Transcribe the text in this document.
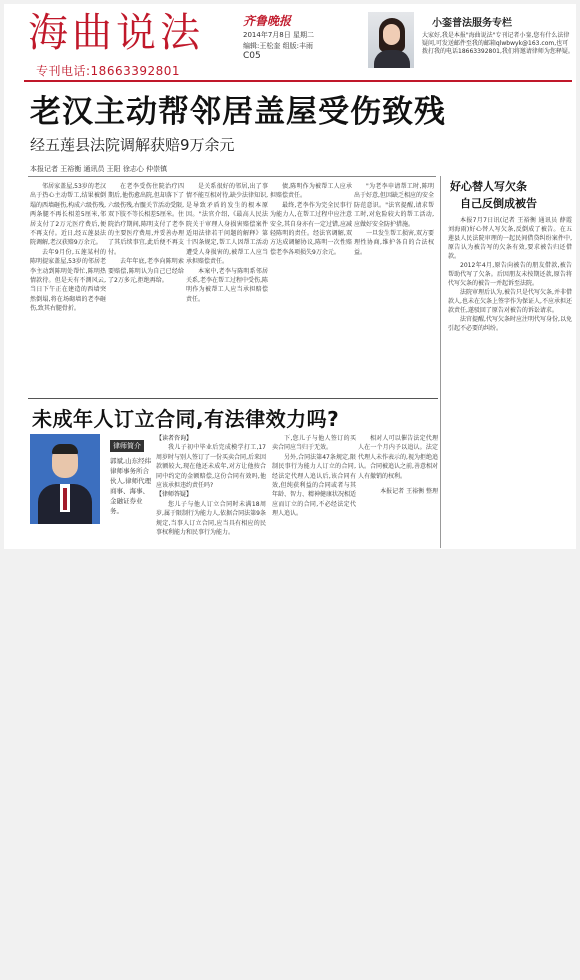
海曲说法	齐鲁晚报
2014年7月8日 星期二
编辑:王松奎 组版:丰雨
C05
专刊电话:18663392801
小銮普法服务专栏
大家好,我是本报"海曲说法"专刊记者小銮,您有什么法律疑问,可发送邮件至我的邮箱qlwbwyk@163.com,也可拨打我的电话18663392801,我们将邀请律师为您释疑。
老汉主动帮邻居盖屋受伤致残
经五莲县法院调解获赔9万余元
本报记者 王裕衡 通讯员 王阳 徐志心 仲崇镇

邻居家盖屋,53岁的老汉出于热心主动帮工,结果被倒塌的西墙砸伤,构成六级伤残,两条腿不再长相差5厘米,邻居支付了2万元医疗费后,便不再支付。近日,经五莲县法院调解,老汉获赔9万余元。

去年9月份,五莲某村的陈明提家盖屋,53岁的邻居老李主动到陈明处帮忙,陈明热情款待。但是天有不测风云,当日下午正在建造的西墙突然倒塌,将在场砌墙的老李砸伤,致其右腿骨折。

在老李受伤住院治疗四期后,他伤愈出院,但却落下了六级伤残,右髋关节活动受限,双下肢不等长相差5厘米。住院治疗期间,陈明支付了老李的主要医疗费用,并妥善办理了其后续事宜,此后便不再支付。

去年年底,老李向陈明索要赔偿,陈明认为自己已经给了2万多元,拒绝再给。

是关系很好的邻居,出了事情不能互相对待,缺少法律知识,是导致矛盾的发生的根本原因。"法官介绍,《最高人民法院关于审理人身损害赔偿案件适用法律若干问题的解释》第十四条规定,帮工人因帮工活动遭受人身损害的,被帮工人应当承担赔偿责任。

本案中,老李与陈明系邻居关系,老李在帮工过程中受伤,陈明作为被帮工人应当承担赔偿责任。

债,陈明作为被帮工人应承担赔偿责任。

最终,老李作为完全民事行为能力人,在帮工过程中应注意安全,其自身亦有一定过错,应减轻陈明的责任。经法官调解,双方达成调解协议,陈明一次性赔偿老李各项损失9万余元。

"为老李申请帮工时,陈明出于好意,但因缺乏相应的安全防范意识。"法官提醒,请求帮工时,对危险较大的帮工活动,应做好安全防护措施。

一旦发生帮工损害,双方要理性协商,维护各自的合法权益。

好心替人写欠条
自己反倒成被告

本报7月7日讯(记者 王裕衡 通讯员 薛霞 刘海雨)好心替人写欠条,反倒成了被告。在五莲县人民法院审理的一起民间借贷纠纷案件中,原告认为被告写的欠条有效,要求被告归还借款。

2012年4月,原告向被告的朋友借款,被告帮助代写了欠条。后因朋友未按期还款,原告将代写欠条的被告一并起诉至法院。

法院审理后认为,被告只是代写欠条,并非借款人,也未在欠条上签字作为保证人,不应承担还款责任,遂驳回了原告对被告的诉讼请求。

法官提醒,代写欠条时应注明代写身份,以免引起不必要的纠纷。

未成年人订立合同,有法律效力吗?
律师简介
郭斌,山东经纬律师事务所合伙人,律师代理商事、海事、金融证券业务。
【读者咨询】

我儿子初中毕业后完成模学打工,17周岁时与别人签订了一份买卖合同,后来因款额较大,现在他还未成年,对方让他按合同中约定的金额赔偿,这份合同有效吗,他应该承担违约责任吗?

【律师答疑】

您儿子与他人订立合同时未满18周岁,属于限制行为能力人,依据合同法第9条规定,当事人订立合同,应当具有相应的民事权利能力和民事行为能力。

下,您儿子与他人签订的买卖合同应当归于无效。

另外,合同法第47条规定,限制民事行为能力人订立的合同,经法定代理人追认后,该合同有效,但纯获利益的合同或者与其年龄、智力、精神健康状况相适应而订立的合同,不必经法定代理人追认。

相对人可以催告法定代理人在一个月内予以追认。法定代理人未作表示的,视为拒绝追认。合同被追认之前,善意相对人有撤销的权利。

本报记者 王裕衡 整理
